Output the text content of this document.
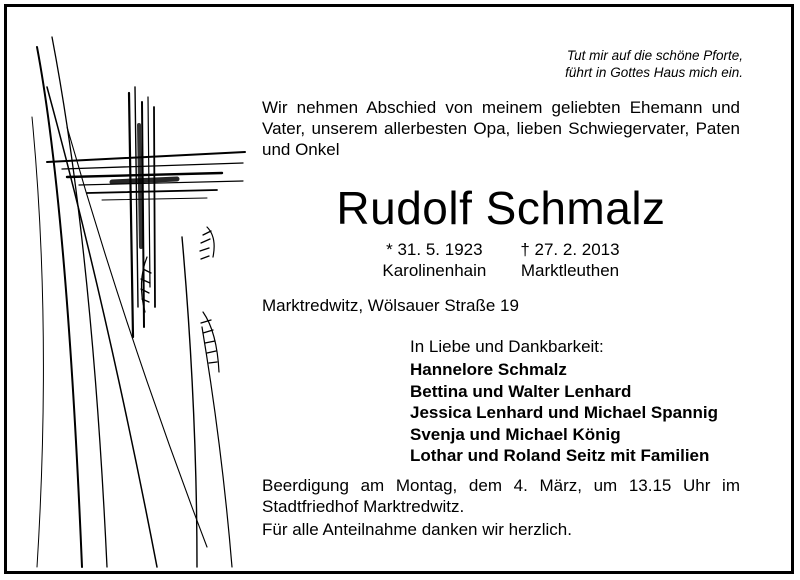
Tut mir auf die schöne Pforte,
führt in Gottes Haus mich ein.
Wir nehmen Abschied von meinem geliebten Ehemann und Vater, unserem allerbesten Opa, lieben Schwiegervater, Paten und Onkel
Rudolf Schmalz
* 31. 5. 1923
Karolinenhain
† 27. 2. 2013
Marktleuthen
Marktredwitz, Wölsauer Straße 19
In Liebe und Dankbarkeit:
Hannelore Schmalz
Bettina und Walter Lenhard
Jessica Lenhard und Michael Spannig
Svenja und Michael König
Lothar und Roland Seitz mit Familien
Beerdigung am Montag, dem 4. März, um 13.15 Uhr im Stadtfriedhof Marktredwitz.
Für alle Anteilnahme danken wir herzlich.
